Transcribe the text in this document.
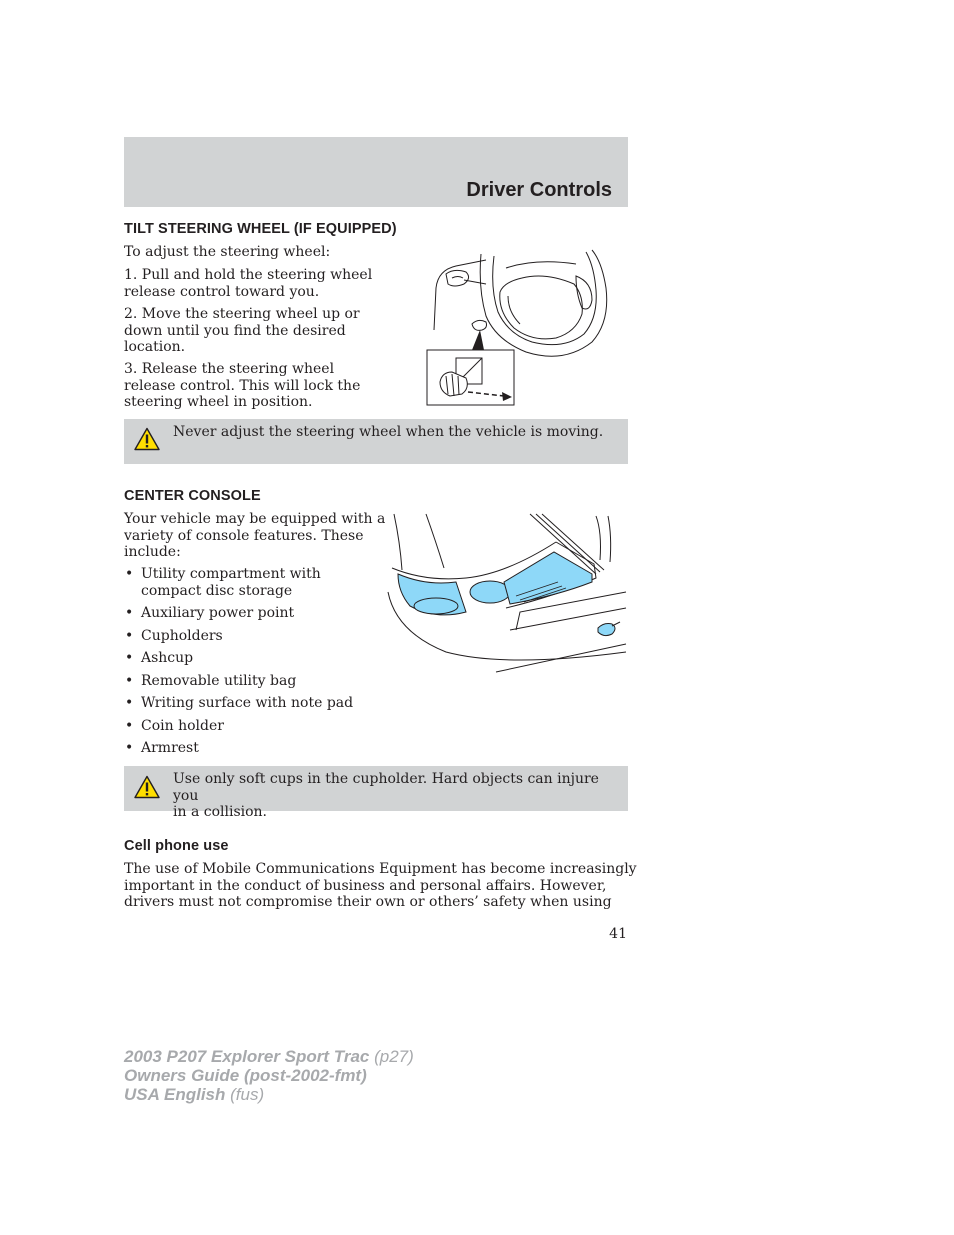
Driver Controls
TILT STEERING WHEEL (IF EQUIPPED)
To adjust the steering wheel:
1. Pull and hold the steering wheel
release control toward you.
2. Move the steering wheel up or
down until you find the desired
location.
3. Release the steering wheel
release control. This will lock the
steering wheel in position.
Never adjust the steering wheel when the vehicle is moving.
CENTER CONSOLE
Your vehicle may be equipped with a
variety of console features. These
include:
• Utility compartment with compact disc storage
• Auxiliary power point
• Cupholders
• Ashcup
• Removable utility bag
• Writing surface with note pad
• Coin holder
• Armrest
Use only soft cups in the cupholder. Hard objects can injure you
in a collision.
Cell phone use
The use of Mobile Communications Equipment has become increasingly
important in the conduct of business and personal affairs. However,
drivers must not compromise their own or others’ safety when using
41
2003 P207 Explorer Sport Trac (p27)
Owners Guide (post-2002-fmt)
USA English (fus)
